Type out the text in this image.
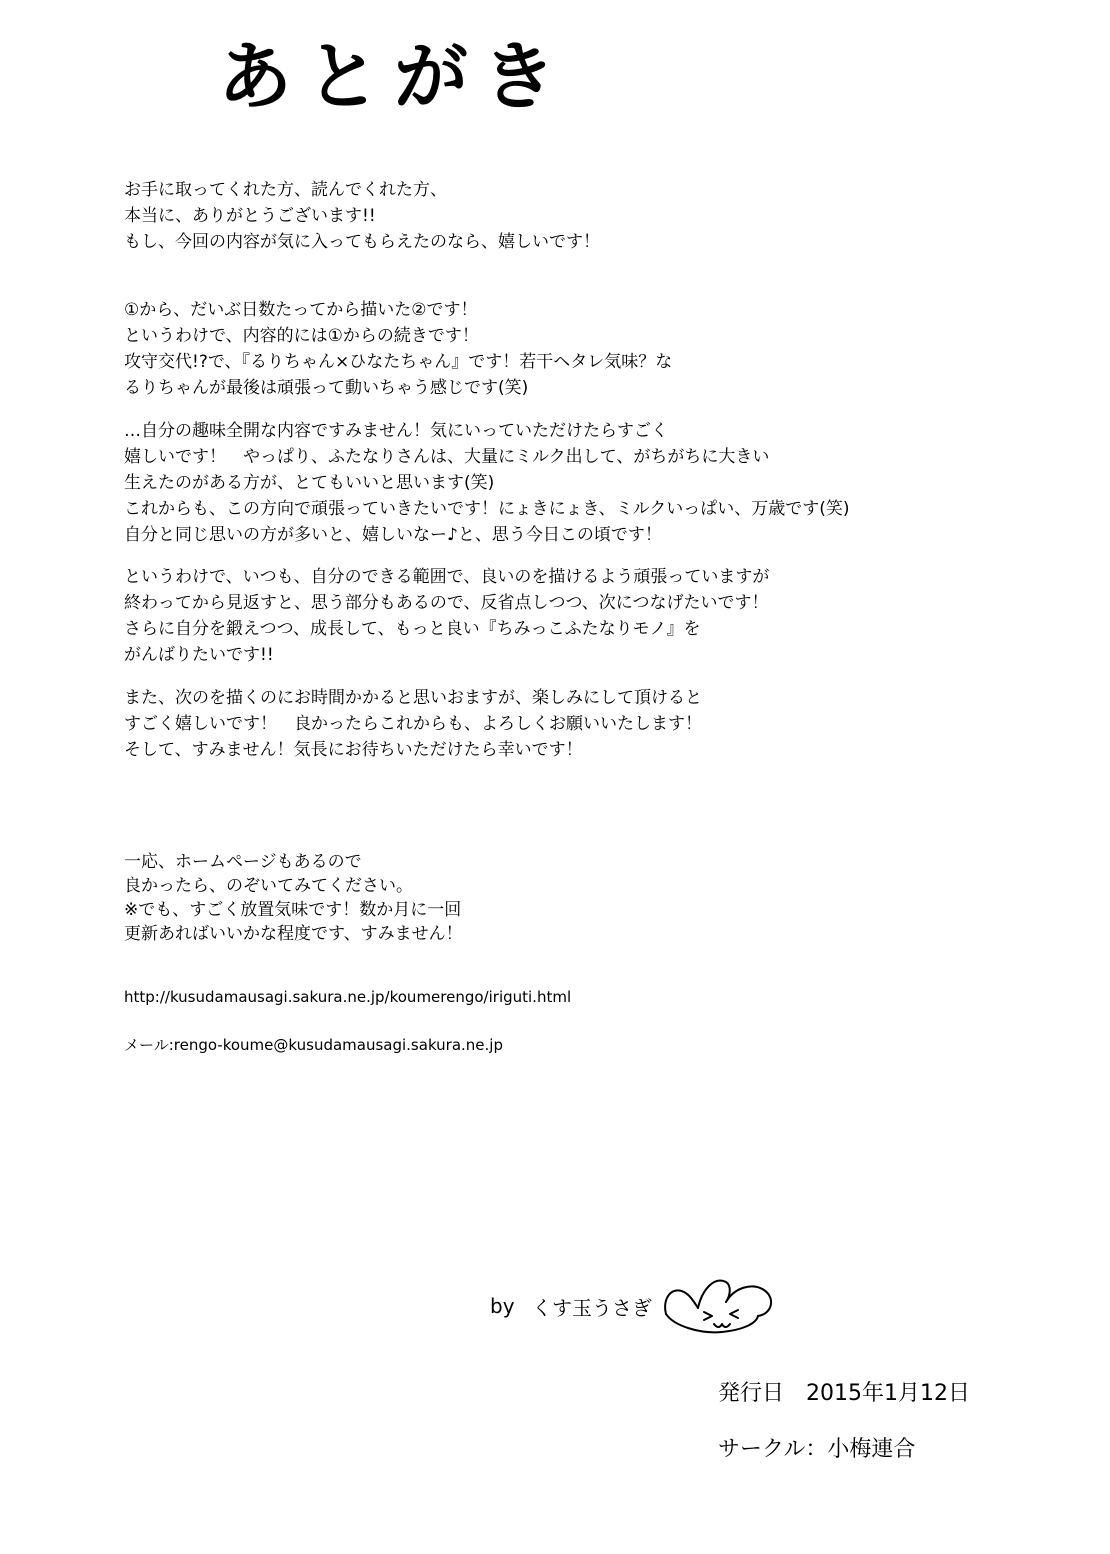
あとがき
お手に取ってくれた方、読んでくれた方、
本当に、ありがとうございます!!
もし、今回の内容が気に入ってもらえたのなら、嬉しいです！
①から、だいぶ日数たってから描いた②です！
というわけで、内容的には①からの続きです！
攻守交代!?で、『るりちゃん×ひなたちゃん』です！若干ヘタレ気味？な
るりちゃんが最後は頑張って動いちゃう感じです(笑)
…自分の趣味全開な内容ですみません！気にいっていただけたらすごく
嬉しいです！　やっぱり、ふたなりさんは、大量にミルク出して、がちがちに大きい
生えたのがある方が、とてもいいと思います(笑)
これからも、この方向で頑張っていきたいです！にょきにょき、ミルクいっぱい、万歳です(笑)
自分と同じ思いの方が多いと、嬉しいなー♪と、思う今日この頃です！
というわけで、いつも、自分のできる範囲で、良いのを描けるよう頑張っていますが
終わってから見返すと、思う部分もあるので、反省点しつつ、次につなげたいです！
さらに自分を鍛えつつ、成長して、もっと良い『ちみっこふたなりモノ』を
がんばりたいです!!
また、次のを描くのにお時間かかると思いおますが、楽しみにして頂けると
すごく嬉しいです！　良かったらこれからも、よろしくお願いいたします！
そして、すみません！気長にお待ちいただけたら幸いです！
一応、ホームページもあるので
良かったら、のぞいてみてください。
※でも、すごく放置気味です！数か月に一回
更新あればいいかな程度です、すみません！
http://kusudamausagi.sakura.ne.jp/koumerengo/iriguti.html
メール:rengo-koume@kusudamausagi.sakura.ne.jp
by くす玉うさぎ
発行日　2015年1月12日
サークル：小梅連合
